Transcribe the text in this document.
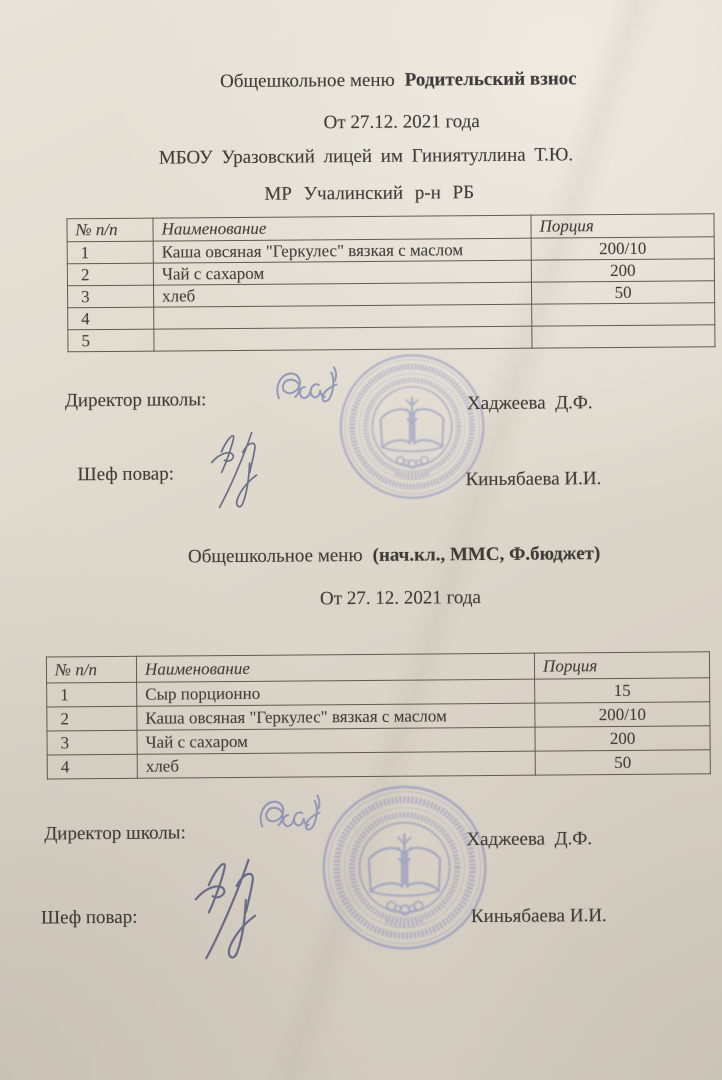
Общешкольное меню Родительский взнос
От 27.12. 2021 года
МБОУ Уразовский лицей им Гиниятуллина Т.Ю.
МР Учалинский р-н РБ
№ п/п	Наименование	Порция
1	Каша овсяная "Геркулес" вязкая с маслом	200/10
2	Чай с сахаром	200
3	хлеб	50
4		
5		
Директор школы:	Хаджеева  Д.Ф.
Шеф повар:	Киньябаева И.И.
Общешкольное меню (нач.кл., ММС, Ф.бюджет)
От 27. 12. 2021 года
№ п/п	Наименование	Порция
1	Сыр порционно	15
2	Каша овсяная "Геркулес" вязкая с маслом	200/10
3	Чай с сахаром	200
4	хлеб	50
Директор школы:	Хаджеева  Д.Ф.
Шеф повар:	Киньябаева И.И.
